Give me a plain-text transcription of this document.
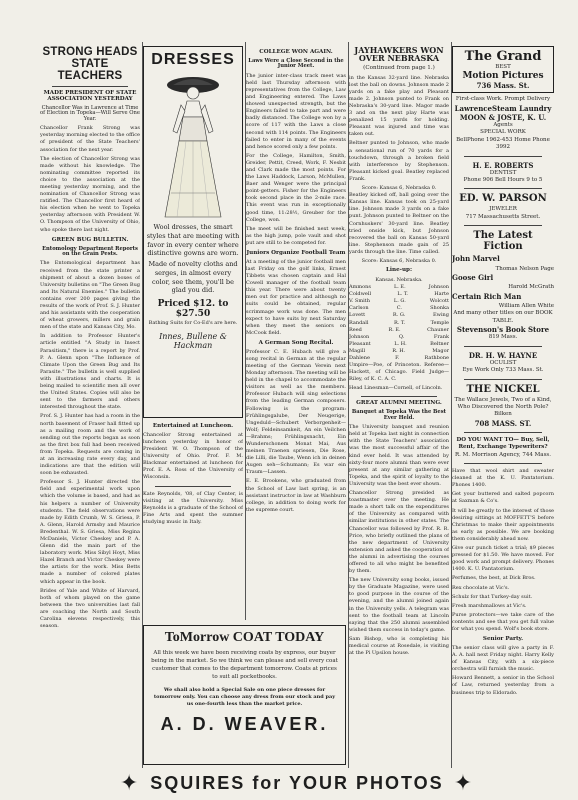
STRONG HEADS STATE TEACHERS
MADE PRESIDENT OF STATE ASSOCIATION YESTERDAY
Chancellor Was in Lawrence at Time of Election in Topeka—Will Serve One Year.

Chancellor Frank Strong was yesterday morning elected to the office of president of the State Teachers' association for the next year.

The election of Chancellor Strong was made without his knowledge. The nominating committee reported its choice to the association at the meeting yesterday morning, and the nomination of Chancellor Strong was ratified. The Chancellor first heard of his election when he went to Topeka yesterday afternoon with President W. O. Thompson of the University of Ohio, who spoke there last night.

GREEN BUG BULLETIN.
Entomology Department Reports on the Grain Pests.

The Entomological department has received from the state printer a shipment of about a dozen boxes of University bulletins on "The Green Bug and Its Natural Enemies." The bulletin contains over 200 pages giving the results of the work of Prof. S. J. Hunter and his assistants with the cooperation of wheat growers, millers and grain men of the state and Kansas City, Mo.

In addition to Professor Hunter's article entitled "A Study in Insect Parasitism," there is a report by Prof. P. A. Glenn upon "The Influence of Climate Upon the Green Bug and Its Parasite." The bulletin is well supplied with illustrations and charts. It is being mailed to scientific men all over the United States. Copies will also be sent to the farmers and others interested throughout the state.

Prof. S. J. Hunter has had a room in the north basement of Fraser hall fitted up as a mailing room and the work of sending out the reports began as soon as the first box full had been received from Topeka. Requests are coming in at an increasing rate every day, and indications are that the edition will soon be exhausted.

Professor S. J. Hunter directed the field and experimental work upon which the volume is based, and had as his helpers a number of University students. The field observations were made by Edith Crumb, W. S. Griesa, P. A. Glenn, Harold Armsby and Maurice Bredenthal. W. S. Griesa, Miss Regina McDaniels, Victor Cheskey and P. A. Glenn did the main part of the laboratory work. Miss Sibyl Hoyt, Miss Hazel Branch and Victor Cheskey were the artists for the work. Miss Betts made a number of colored plates which appear in the book.

Brides of Yale and White of Harvard, both of whom played on the game between the two universities last fall are coaching the North and South Carolina elevens respectively, this season.

DRESSES
Wool dresses, the smart styles that are meeting with favor in every center where distinctive gowns are worn.
Made of novelty cloths and serges, in almost every color, see them, you'll be glad you did.
Priced $12. to $27.50
Bathing Suits for Co-Ed's are here.
Innes, Bullene & Hackman
Entertained at Luncheon.

Chancellor Strong entertained at luncheon yesterday in honor of President W. O. Thompson of the University of Ohio. Prof. F. M. Blackmar entertained at luncheon for Prof. E. A. Ross of the University of Wisconsin.

Kate Reynolds, '08, of Clay Center, is visiting at the University. Miss Reynolds is a graduate of the School of Fine Arts and spent the summer studying music in Italy.

COLLEGE WON AGAIN.
Laws Were a Close Second in the Junior Meet.

The junior inter-class track meet was held last Thursday afternoon with representatives from the College, Law and Engineering entered. The Laws showed unexpected strength, but the Engineers failed to take part and were badly distanced. The College won by a score of 117 with the Laws a close second with 114 points. The Engineers failed to enter in many of the events and hence scored only a few points.

For the College, Hamilton, Smith, Greider, Pettit, Creed, Work, F. Nesbit and Clark made the most points. For the Laws Haddock, Larson, McMullen, Baer and Wenger were the principal point-getters. Fisher for the Engineers took second place in the 2-mile race. This event was run in exceptionally good time, 11:28½, Greuber for the College, won.

The meet will be finished next week, as the high jump, pole vault and shot put are still to be competed for.

Juniors Organize Football Team

At a meeting of the junior football men last Friday on the golf links, Ernest Tibbets was chosen captain and Hal Cowell manager of the football team this year. There were about twenty men out for practice and although no suits could be obtained, regular scrimmage work was done. The men expect to have suits by next Saturday when they meet the seniors on McCook field.

A German Song Recital.

Professor C. E. Hubach will give a song recital in German at the regular meeting of the German Verein next Monday afternoon. The meeting will be held in the chapel to accommodate the visitors as well as the members. Professor Hubach will sing selections from the leading German composers. Following is the program: Frühlingsgalube, Der Neugerige, Ungeduld—Schubert Verborgenheit—Wolf; Feldeinsamkeit, An ein Veilchen—Brahms; Frühlingsnacht, Ein Wunderschonem Monat Mai, Aus meinen Traenen spriesen, Die Rose, die Lilli, die Taube, Wenn ich in deinen Augen seh—Schumann; Es war ein Traum—Lassen.

E. E. Brookens, who graduated from the School of Law last spring, is an assistant instructor in law at Washburn college, in addition to doing work for the supreme court.

ToMorrow COAT TODAY
All this week we have been receiving coats by express, our buyer being in the market. So we think we can please and sell every coat customer that comes to the department tomorrow. Coats at prices to suit all pocketbooks.
We shall also hold a Special Sale on one piece dresses for tomorrow only. You can choose any dress from our stock and pay us one-fourth less than the market price.
A. D. WEAVER.
JAYHAWKERS WON OVER NEBRASKA
(Continued from page 1.)

in the Kansas 32-yard line. Nebraska lost the ball on downs. Johnson made 2 yards on a fake play and Pleasant made 2. Johnson punted to Frank on Nebraska's 30-yard line. Magor made 3 and on the next play Harte was penalized 15 yards for holding. Pleasant was injured and time was taken out.

Beltner punted to Johnson, who made a sensational run of 70 yards for a touchdown, through a broken field with interference by Stephenson. Pleasant kicked goal. Beatley replaced Frank.

Score: Kansas 6, Nebraska 0.

Beatley kicked off, ball going over the Kansas line. Kansas took on 25-yard line. Johnson made 3 yards on a fake punt. Johnson punted to Beltner on the Cornhuskers' 30-yard line. Beatley tried onside kick, but Johnson recovered the ball on Kansas 50-yard line. Stephenson made gain of 25 yards through the line. Time called.

Score: Kansas 6, Nebraska 0.
Line-up:
Kansas. Nebraska.
Ammons	L. E.	Johnson
Coldwell	L. T.	Harte
V. Smith	L. G.	Wolcott
Carlson	C.	Shonka
Lovett	R. G.	Ewing
Randall	R. T.	Temple
Reed	R. E.	Chauner
Johnson	Q.	Frank
Pleasant	L. H.	Beltner
Magill	R. H.	Magor
Dahlene	F.	Rathbone

Umpire—Poe, of Princeton. Referee—Hackett, of Chicago. Field Judge—Riley, of K. C. A. C.

Head Linesman—Cornell, of Lincoln.

GREAT ALUMNI MEETING.
Banquet at Topeka Was the Best Ever Held.

The University banquet and reunion held at Topeka last night in connection with the State Teachers' association was the most successful affair of the kind ever held. It was attended by sixty-four more alumni than were ever present at any similar gathering at Topeka, and the spirit of loyalty to the University was the best ever shown.

Chancellor Strong presided as toastmaster over the meeting. He made a short talk on the expenditures of the University as compared with similar institutions in other states. The Chancellor was followed by Prof. R. R. Price, who briefly outlined the plans of the new department of University extension and asked the cooperation of the alumni in advertising the courses offered to all who might be benefited by them.

The new University song books, issued by the Graduate Magazine, were used to good purpose in the course of the evening, and the alumni joined again in the University yells. A telegram was sent to the football team at Lincoln saying that the 250 alumni assembled wished them success in today's game.

Sam Bishop, who is completing his medical course at Rosedale, is visiting at the Pi Upsilon house.

The Grand
BEST
Motion Pictures
736 Mass. St.
First-class Work. Prompt Delivery
LawrenceSteam Laundry
MOON & JOSTE, K. U.
Agents
SPECIAL WORK
BellPhone 1962-453 Home Phone 3992
H. E. ROBERTS
DENTIST
Phone 906 Bell Hours 9 to 5
ED. W. PARSON
JEWELER
717 Massachusetts Street.
The Latest Fiction
John Marvel
Thomas Nelson Page
Goose Girl
Harold McGrath
Certain Rich Man
William Allen White
And many other titles on our BOOK TABLE.
Stevenson's Book Store
819 Mass.
DR. H. W. HAYNE
OCULIST
Eye Work Only 733 Mass. St.
THE NICKEL
The Wallace Jewels, Two of a Kind, Who Discovered the North Pole? Bilken
708 MASS. ST.
DO YOU WANT TO— Buy, Sell, Rent, Exchange Typewriters?
R. M. Morrison Agency, 744 Mass.

Have that wool shirt and sweater cleaned at the K. U. Pantatorium. Phones 1400.

Get your buttered and salted popcorn at Saxman & Co's.

It will be greatly to the interest of those desiring sittings at MOFFETT'S before Christmas to make their appointments as early as possible. We are booking them considerably ahead now.

Give our punch ticket a trial; $9 pieces pressed for $1.50. We have moved. For good work and prompt delivery. Phones 1400. K. U. Pantatorium.

Perfumes, the best, at Dick Bros.

Rex chocolate at Vic's.

Schulz for that Turkey-day suit.

Fresh marshmallows at Vic's.

Purse protectors—we take care of the contents and see that you get full value for what you spend. Wolf's book store.

Senior Party.

The senior class will give a party in F. A. A. hall next Friday night. Harry Kelly of Kansas City, with a six-piece orchestra will furnish the music.

Howard Bennett, a senior in the School of Law, returned yesterday from a business trip to Eldorado.

✦ SQUIRES for YOUR PHOTOS ✦
